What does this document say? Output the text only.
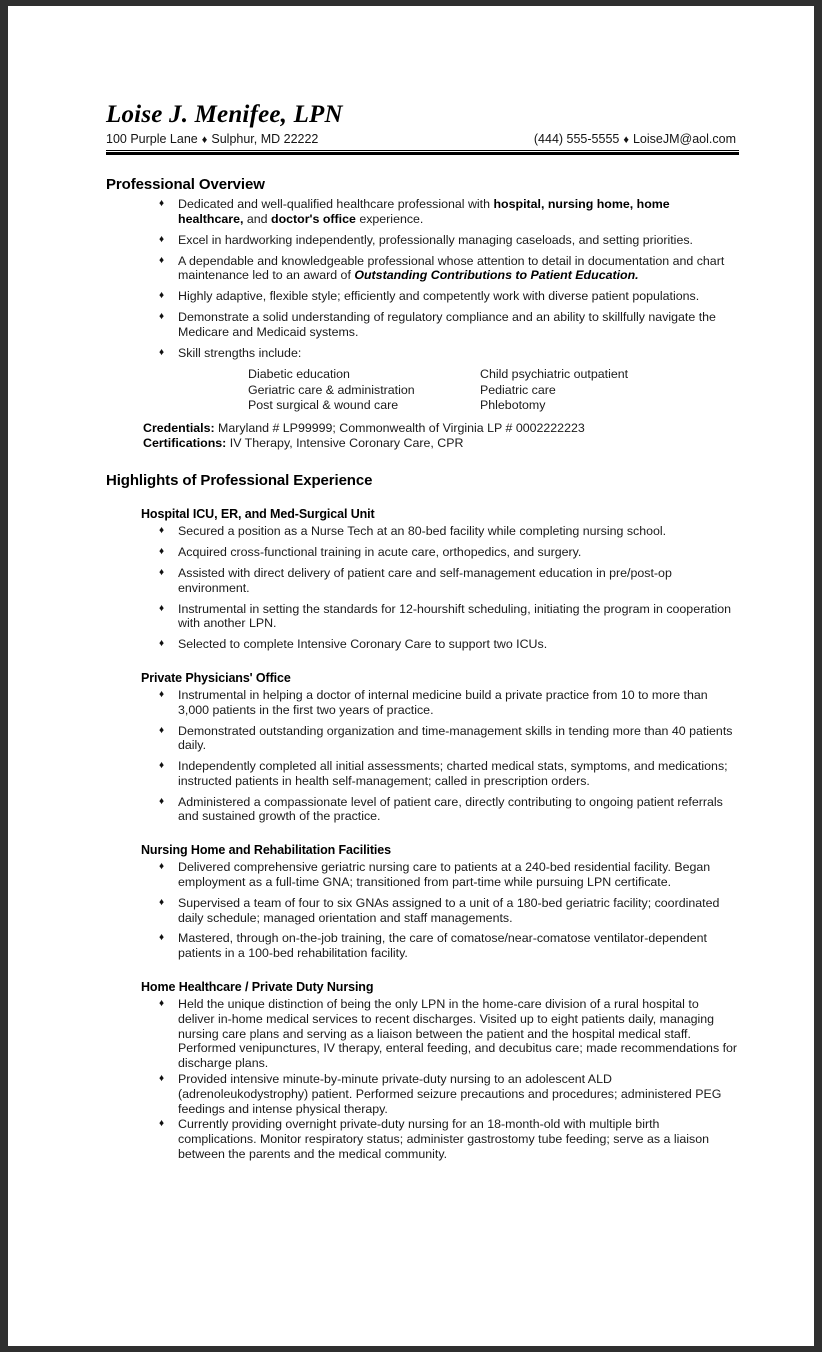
Loise J. Menifee, LPN
100 Purple Lane ♦ Sulphur, MD 22222	(444) 555-5555 ♦ LoiseJM@aol.com
Professional Overview
♦ Dedicated and well-qualified healthcare professional with hospital, nursing home, home healthcare, and doctor's office experience.
♦ Excel in hardworking independently, professionally managing caseloads, and setting priorities.
♦ A dependable and knowledgeable professional whose attention to detail in documentation and chart maintenance led to an award of Outstanding Contributions to Patient Education.
♦ Highly adaptive, flexible style; efficiently and competently work with diverse patient populations.
♦ Demonstrate a solid understanding of regulatory compliance and an ability to skillfully navigate the Medicare and Medicaid systems.
♦ Skill strengths include:
Diabetic education	Child psychiatric outpatient
Geriatric care & administration	Pediatric care
Post surgical & wound care	Phlebotomy
Credentials: Maryland # LP99999; Commonwealth of Virginia LP # 0002222223
Certifications: IV Therapy, Intensive Coronary Care, CPR
Highlights of Professional Experience
Hospital ICU, ER, and Med-Surgical Unit
♦ Secured a position as a Nurse Tech at an 80-bed facility while completing nursing school.
♦ Acquired cross-functional training in acute care, orthopedics, and surgery.
♦ Assisted with direct delivery of patient care and self-management education in pre/post-op environment.
♦ Instrumental in setting the standards for 12-hourshift scheduling, initiating the program in cooperation with another LPN.
♦ Selected to complete Intensive Coronary Care to support two ICUs.
Private Physicians' Office
♦ Instrumental in helping a doctor of internal medicine build a private practice from 10 to more than 3,000 patients in the first two years of practice.
♦ Demonstrated outstanding organization and time-management skills in tending more than 40 patients daily.
♦ Independently completed all initial assessments; charted medical stats, symptoms, and medications; instructed patients in health self-management; called in prescription orders.
♦ Administered a compassionate level of patient care, directly contributing to ongoing patient referrals and sustained growth of the practice.
Nursing Home and Rehabilitation Facilities
♦ Delivered comprehensive geriatric nursing care to patients at a 240-bed residential facility. Began employment as a full-time GNA; transitioned from part-time while pursuing LPN certificate.
♦ Supervised a team of four to six GNAs assigned to a unit of a 180-bed geriatric facility; coordinated daily schedule; managed orientation and staff managements.
♦ Mastered, through on-the-job training, the care of comatose/near-comatose ventilator-dependent patients in a 100-bed rehabilitation facility.
Home Healthcare / Private Duty Nursing
♦ Held the unique distinction of being the only LPN in the home-care division of a rural hospital to deliver in-home medical services to recent discharges. Visited up to eight patients daily, managing nursing care plans and serving as a liaison between the patient and the hospital medical staff. Performed venipunctures, IV therapy, enteral feeding, and decubitus care; made recommendations for discharge plans.
♦ Provided intensive minute-by-minute private-duty nursing to an adolescent ALD (adrenoleukodystrophy) patient. Performed seizure precautions and procedures; administered PEG feedings and intense physical therapy.
♦ Currently providing overnight private-duty nursing for an 18-month-old with multiple birth complications. Monitor respiratory status; administer gastrostomy tube feeding; serve as a liaison between the parents and the medical community.
